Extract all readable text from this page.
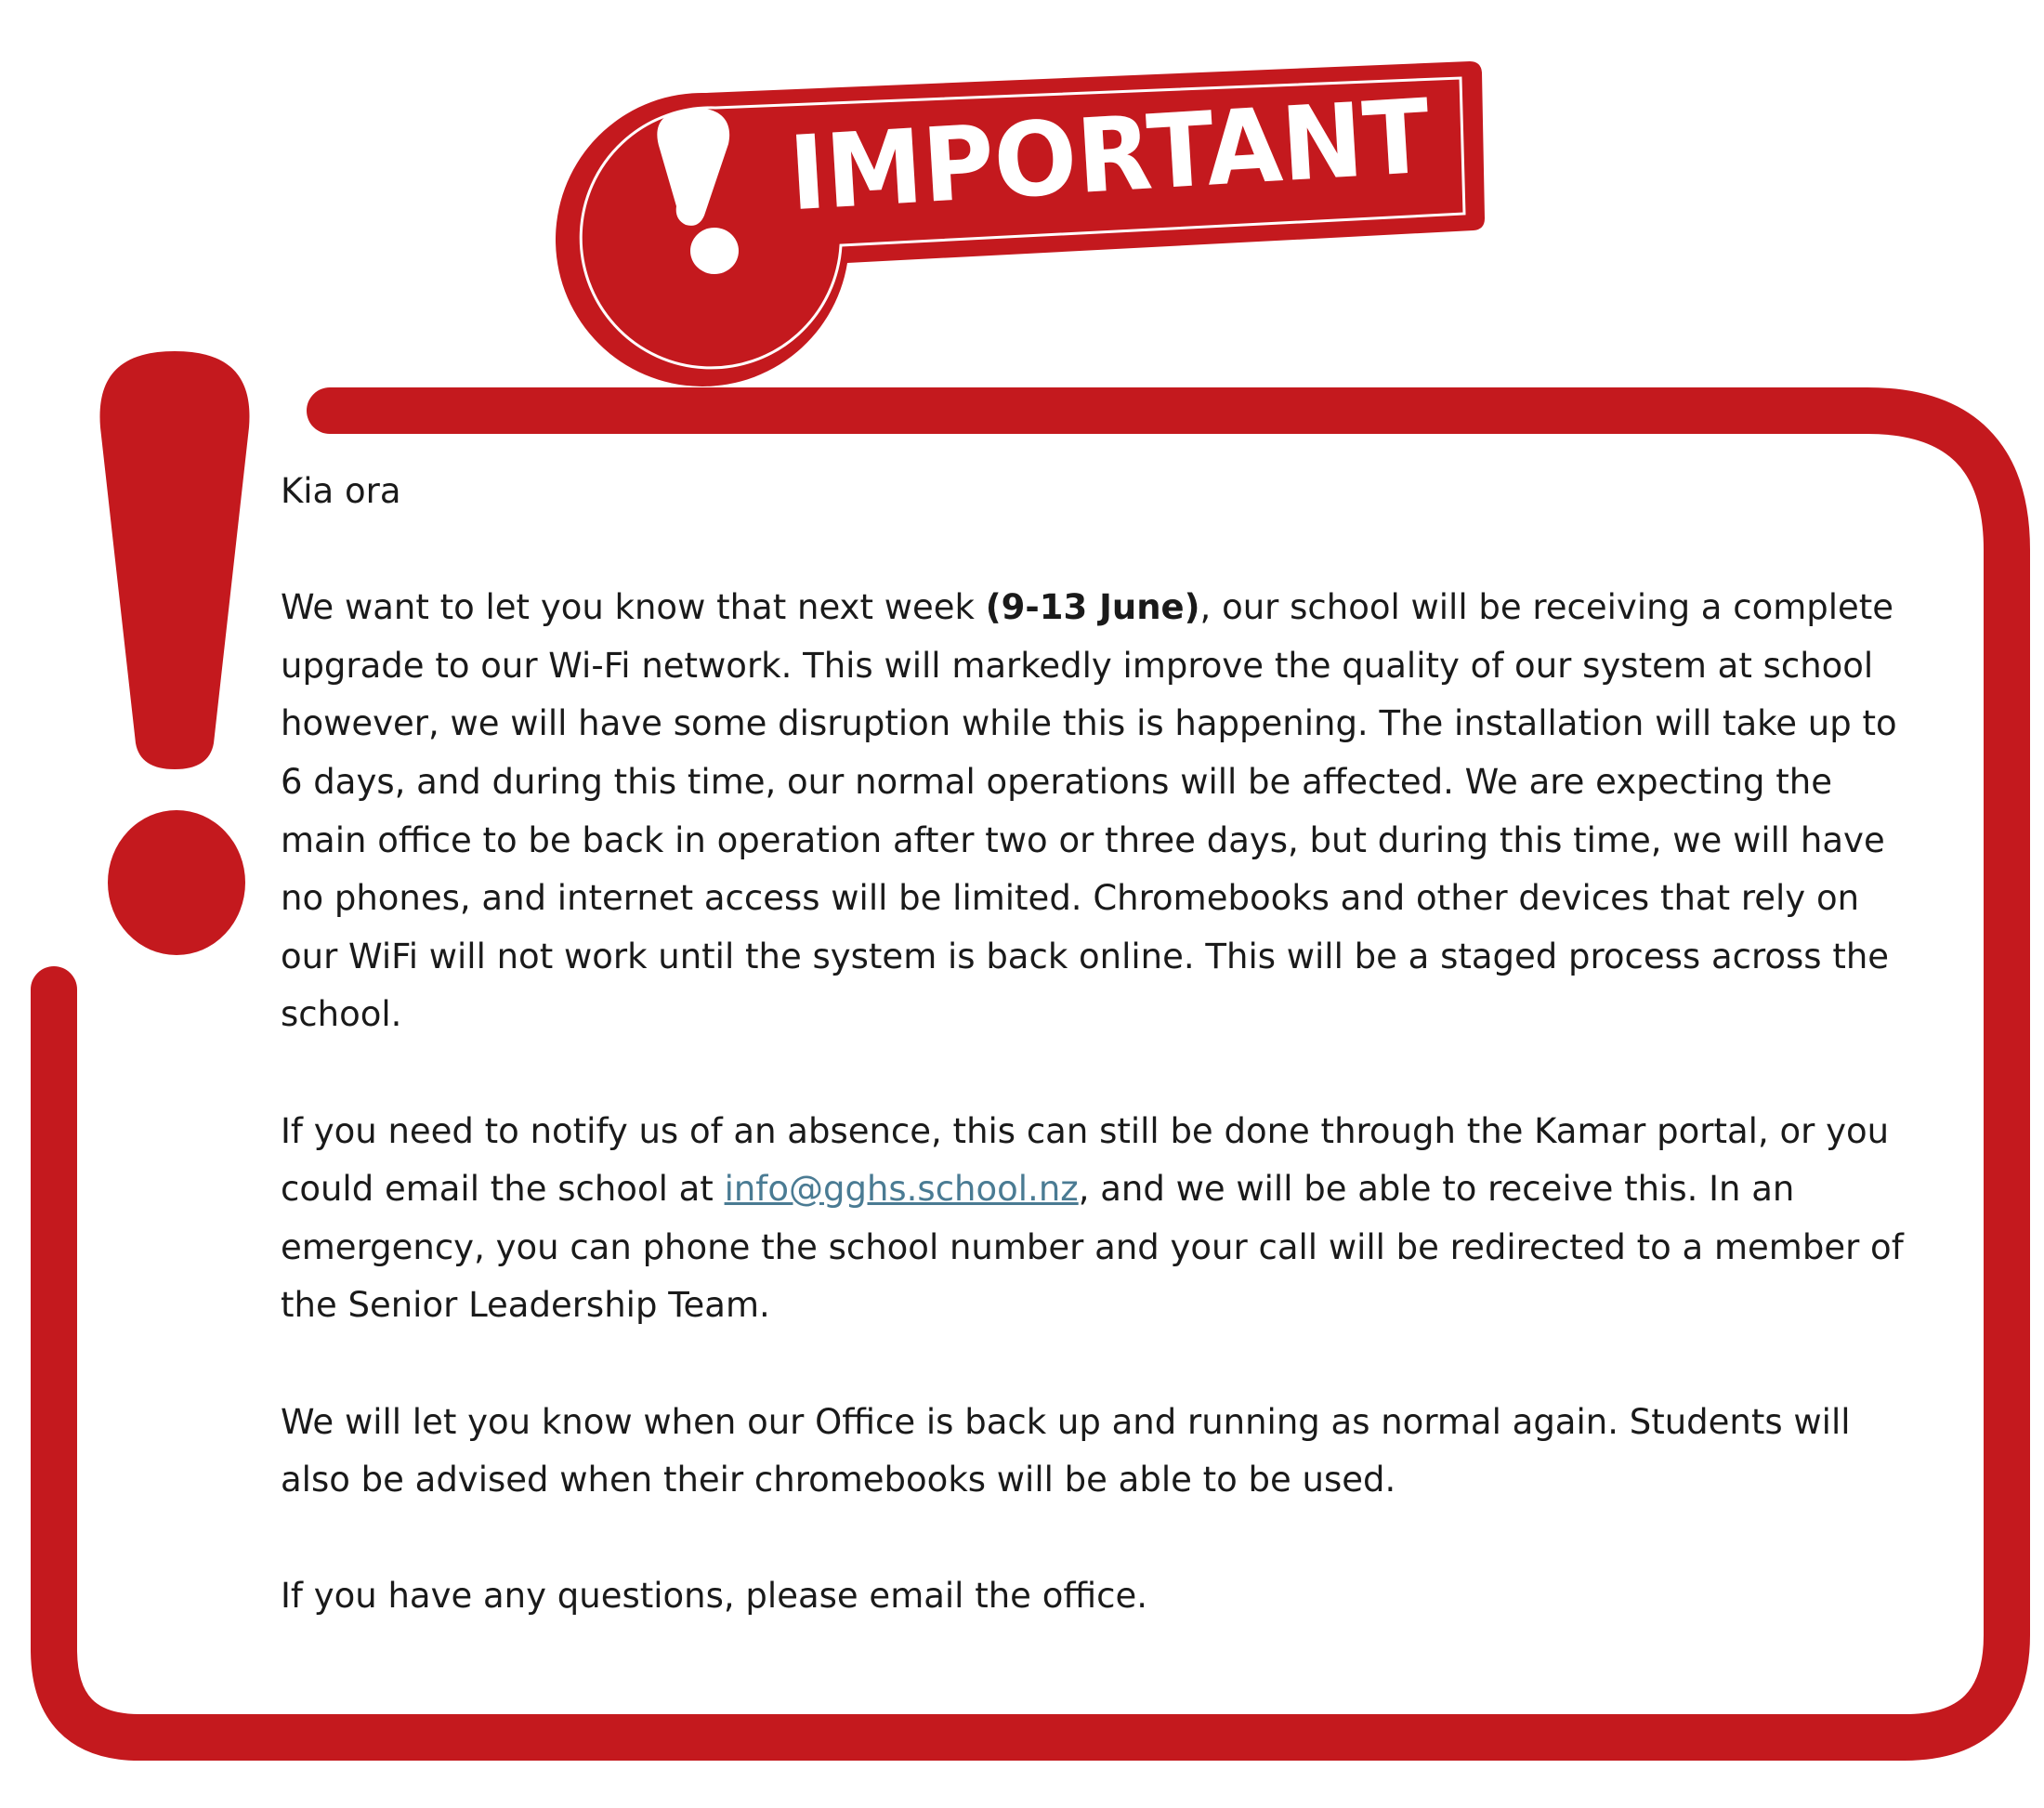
IMPORTANT

Kia ora

We want to let you know that next week (9-13 June), our school will be receiving a complete upgrade to our Wi-Fi network. This will markedly improve the quality of our system at school however, we will have some disruption while this is happening. The installation will take up to 6 days, and during this time, our normal operations will be affected. We are expecting the main office to be back in operation after two or three days, but during this time, we will have no phones, and internet access will be limited. Chromebooks and other devices that rely on our WiFi will not work until the system is back online. This will be a staged process across the school.

If you need to notify us of an absence, this can still be done through the Kamar portal, or you could email the school at info@gghs.school.nz, and we will be able to receive this. In an emergency, you can phone the school number and your call will be redirected to a member of the Senior Leadership Team.

We will let you know when our Office is back up and running as normal again. Students will also be advised when their chromebooks will be able to be used.

If you have any questions, please email the office.
